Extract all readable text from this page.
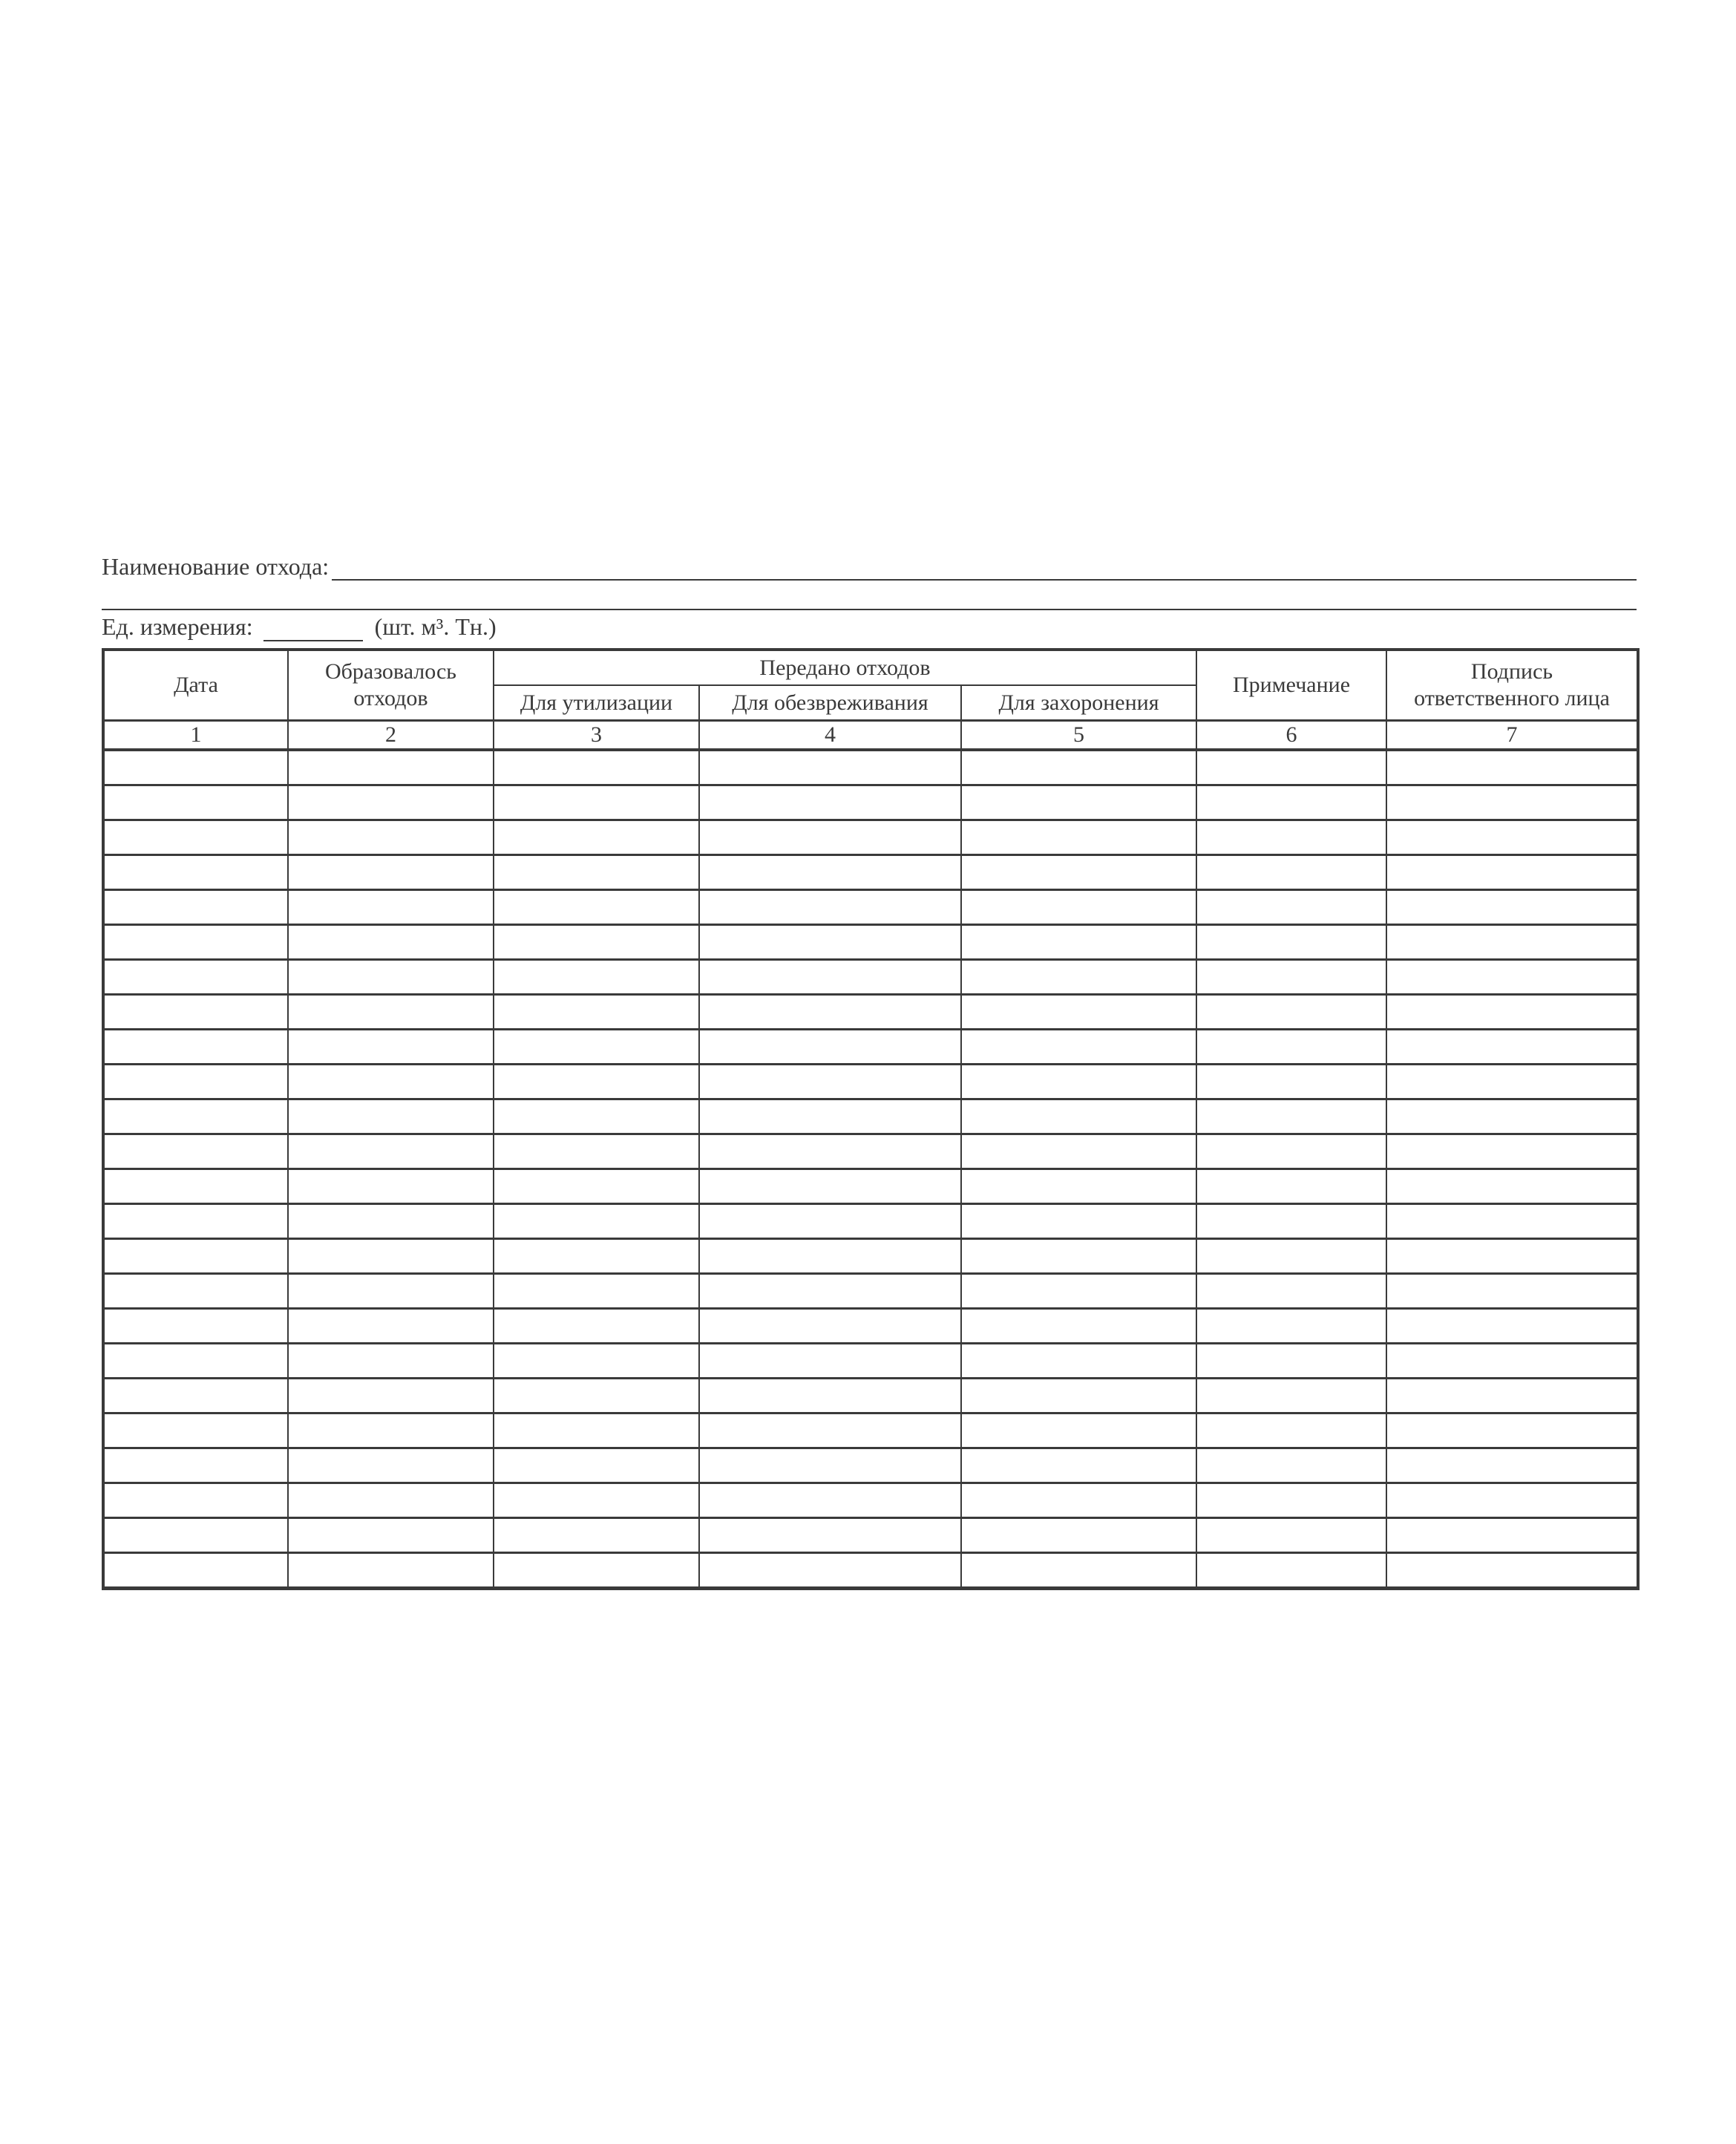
Наименование отхода:
Ед. измерения:	(шт. м³. Тн.)
Дата	Образовалось отходов	Передано отходов			Примечание	Подпись ответственного лица
		Для утилизации	Для обезвреживания	Для захоронения		
1	2	3	4	5	6	7
